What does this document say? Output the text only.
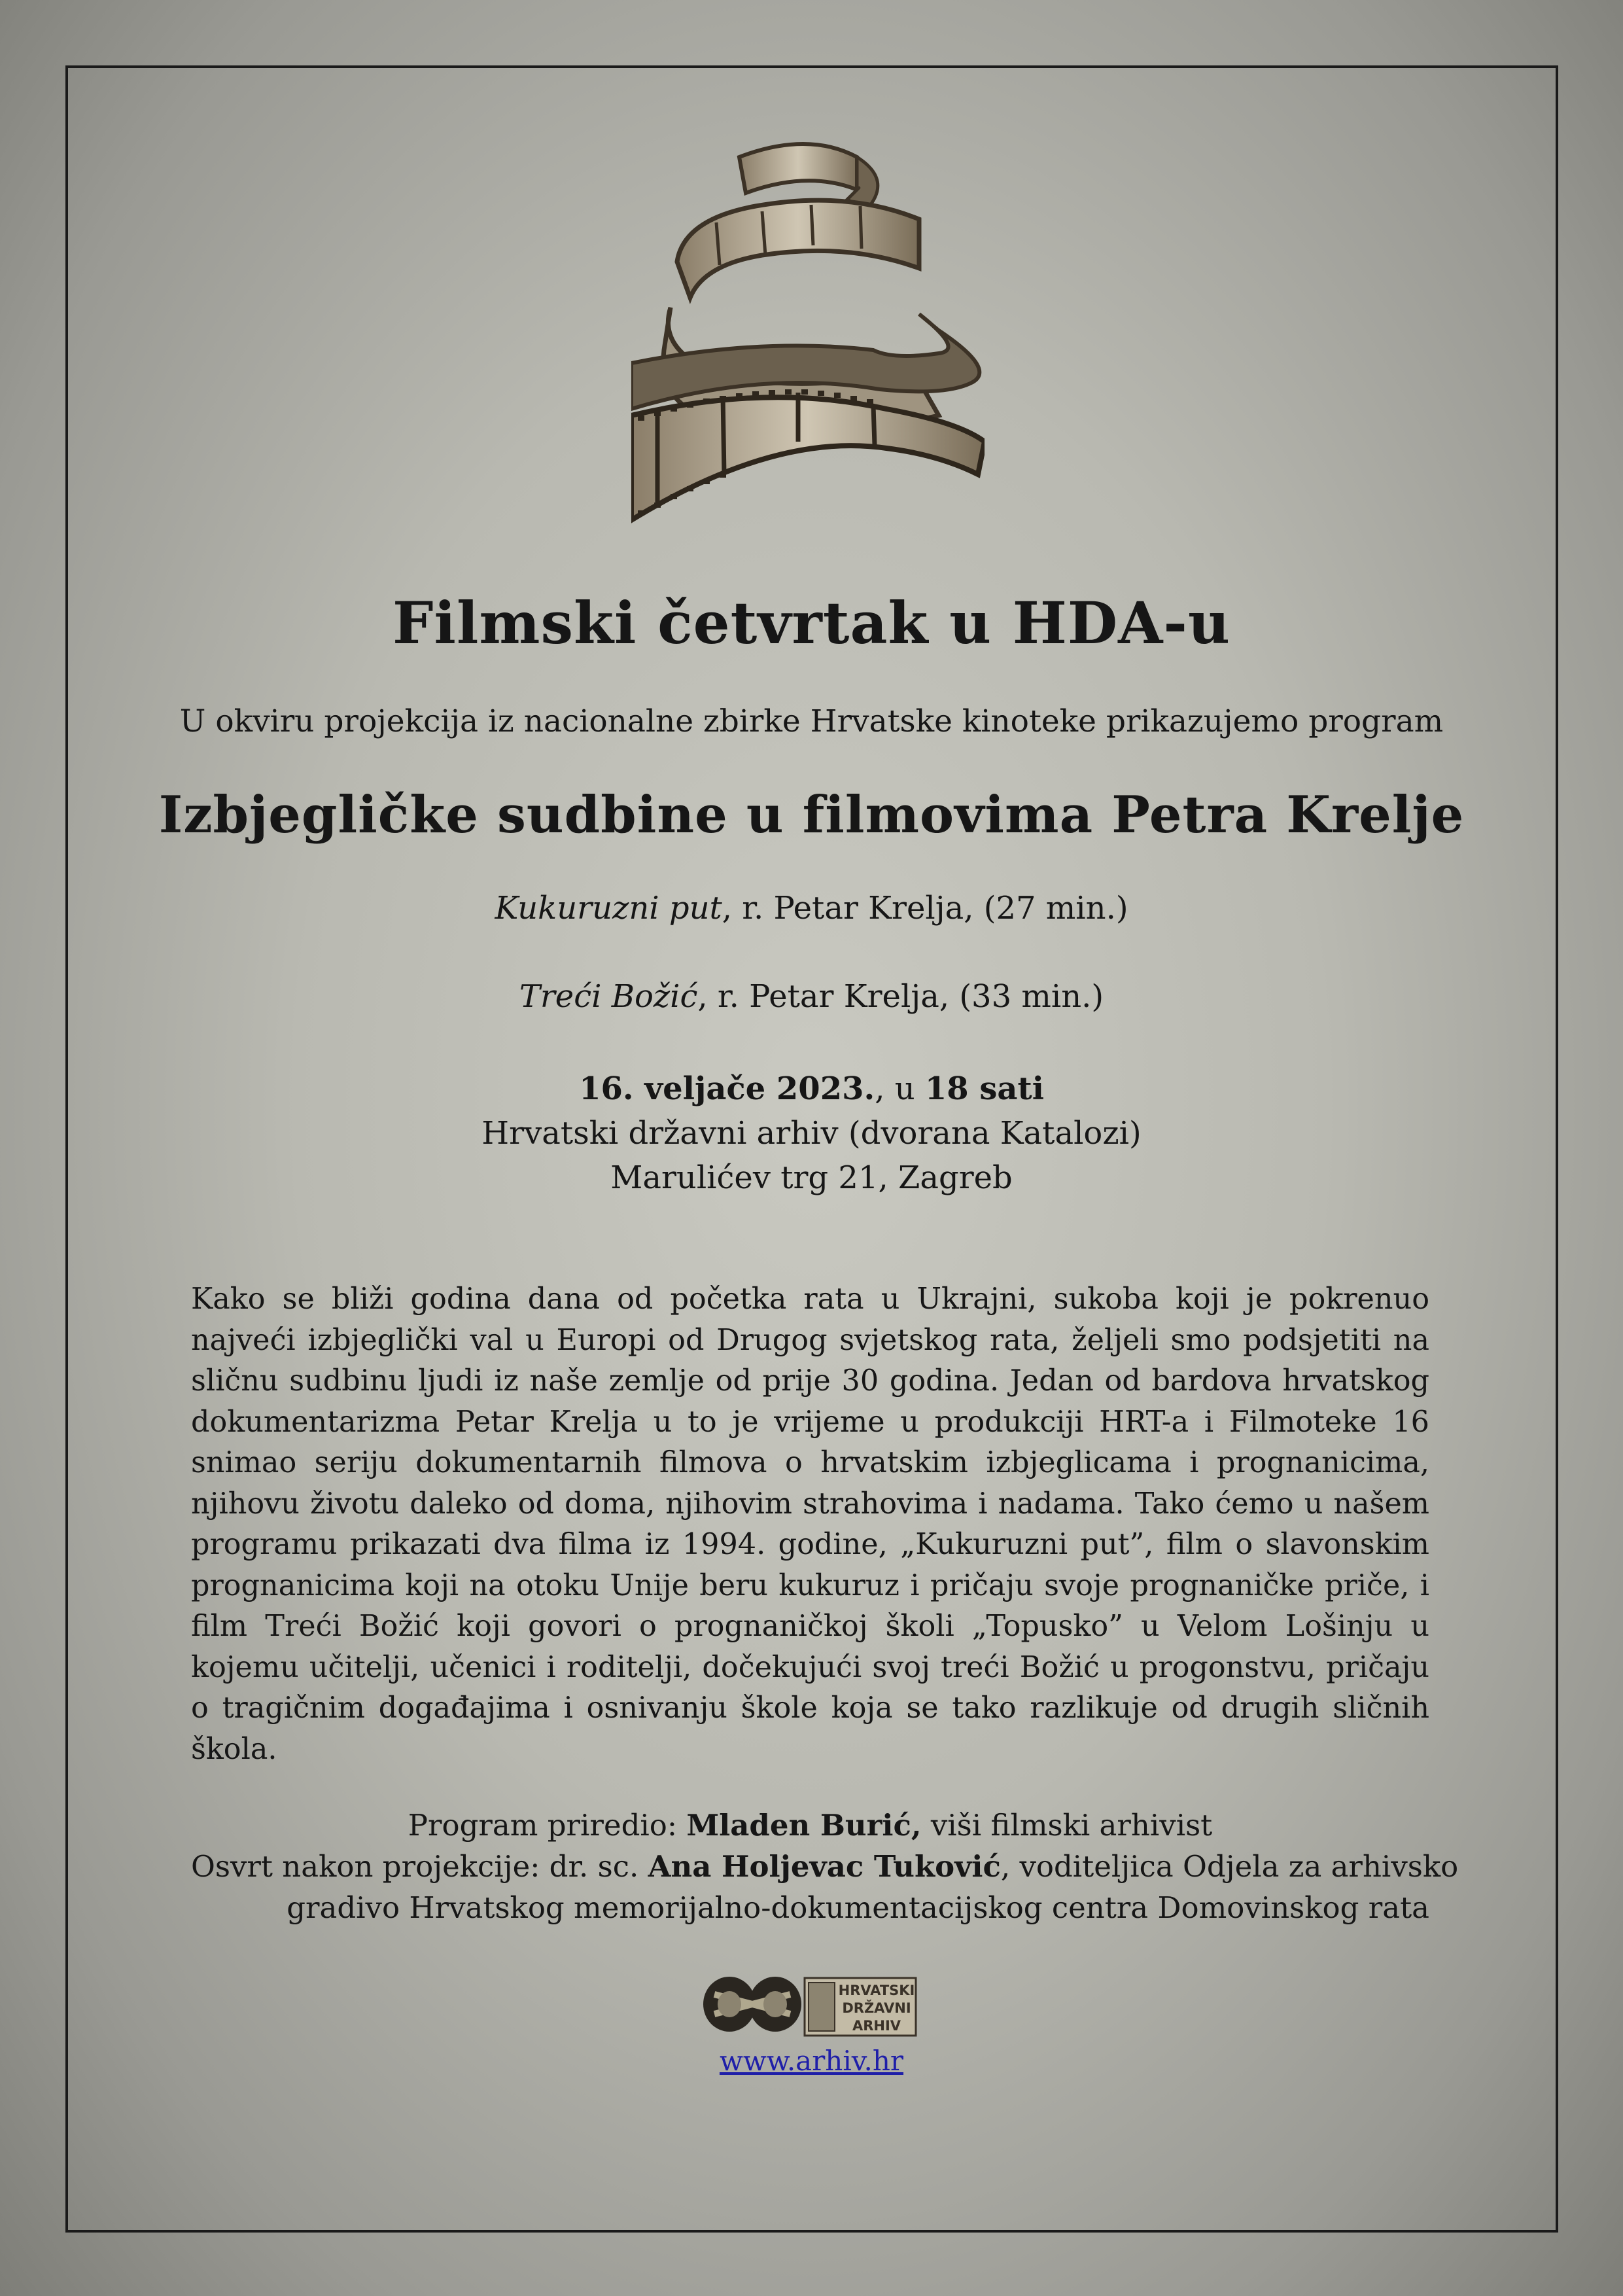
Filmski četvrtak u HDA-u
U okviru projekcija iz nacionalne zbirke Hrvatske kinoteke prikazujemo program
Izbjegličke sudbine u filmovima Petra Krelje
Kukuruzni put, r. Petar Krelja, (27 min.)
Treći Božić, r. Petar Krelja, (33 min.)
16. veljače 2023., u 18 sati
Hrvatski državni arhiv (dvorana Katalozi)
Marulićev trg 21, Zagreb
Kako se bliži godina dana od početka rata u Ukrajni, sukoba koji je pokrenuo najveći izbjeglički val u Europi od Drugog svjetskog rata, željeli smo podsjetiti na sličnu sudbinu ljudi iz naše zemlje od prije 30 godina. Jedan od bardova hrvatskog dokumentarizma Petar Krelja u to je vrijeme u produkciji HRT-a i Filmoteke 16 snimao seriju dokumentarnih filmova o hrvatskim izbjeglicama i prognanicima, njihovu životu daleko od doma, njihovim strahovima i nadama. Tako ćemo u našem programu prikazati dva filma iz 1994. godine, „Kukuruzni put”, film o slavonskim prognanicima koji na otoku Unije beru kukuruz i pričaju svoje prognaničke priče, i film Treći Božić koji govori o prognaničkoj školi „Topusko” u Velom Lošinju u kojemu učitelji, učenici i roditelji, dočekujući svoj treći Božić u progonstvu, pričaju o tragičnim događajima i osnivanju škole koja se tako razlikuje od drugih sličnih škola.
Program priredio: Mladen Burić, viši filmski arhivist
Osvrt nakon projekcije: dr. sc. Ana Holjevac Tuković, voditeljica Odjela za arhivsko
gradivo Hrvatskog memorijalno-dokumentacijskog centra Domovinskog rata
HRVATSKI
DRŽAVNI
ARHIV
www.arhiv.hr
